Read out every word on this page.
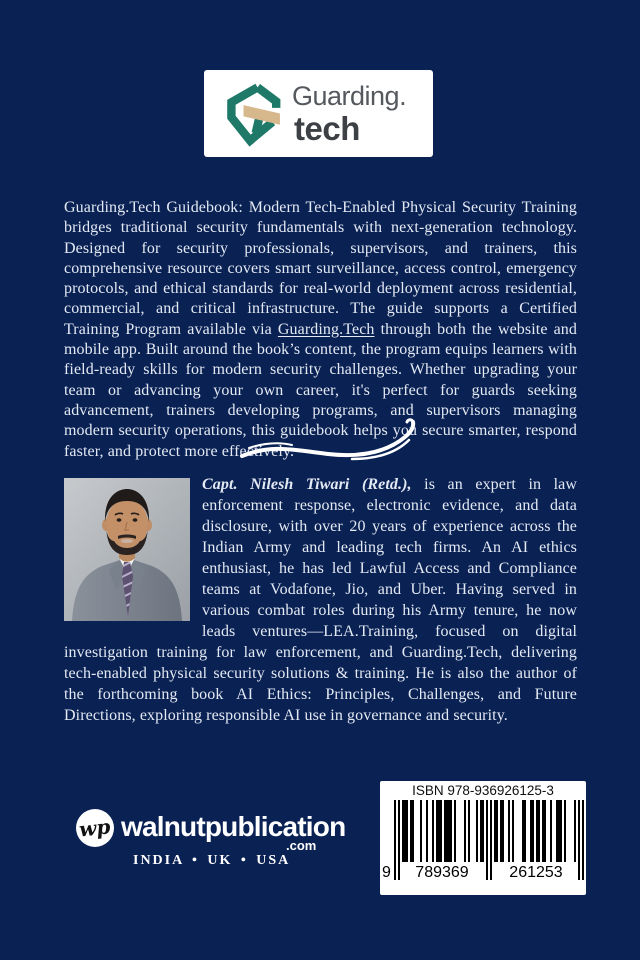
Guarding.
tech

Guarding.Tech Guidebook: Modern Tech-Enabled Physical Security Training bridges traditional security fundamentals with next-generation technology. Designed for security professionals, supervisors, and trainers, this comprehensive resource covers smart surveillance, access control, emergency protocols, and ethical standards for real-world deployment across residential, commercial, and critical infrastructure. The guide supports a Certified Training Program available via Guarding.Tech through both the website and mobile app. Built around the book’s content, the program equips learners with field-ready skills for modern security challenges. Whether upgrading your team or advancing your own career, it's perfect for guards seeking advancement, trainers developing programs, and supervisors managing modern security operations, this guidebook helps you secure smarter, respond faster, and protect more effectively.

Capt. Nilesh Tiwari (Retd.), is an expert in law enforcement response, electronic evidence, and data disclosure, with over 20 years of experience across the Indian Army and leading tech firms. An AI ethics enthusiast, he has led Lawful Access and Compliance teams at Vodafone, Jio, and Uber. Having served in various combat roles during his Army tenure, he now leads ventures—LEA.Training, focused on digital investigation training for law enforcement, and Guarding.Tech, delivering tech-enabled physical security solutions & training. He is also the author of the forthcoming book AI Ethics: Principles, Challenges, and Future Directions, exploring responsible AI use in governance and security.
wp walnutpublication
.com
INDIA • UK • USA
ISBN 978-936926125-3
9	789369	261253
